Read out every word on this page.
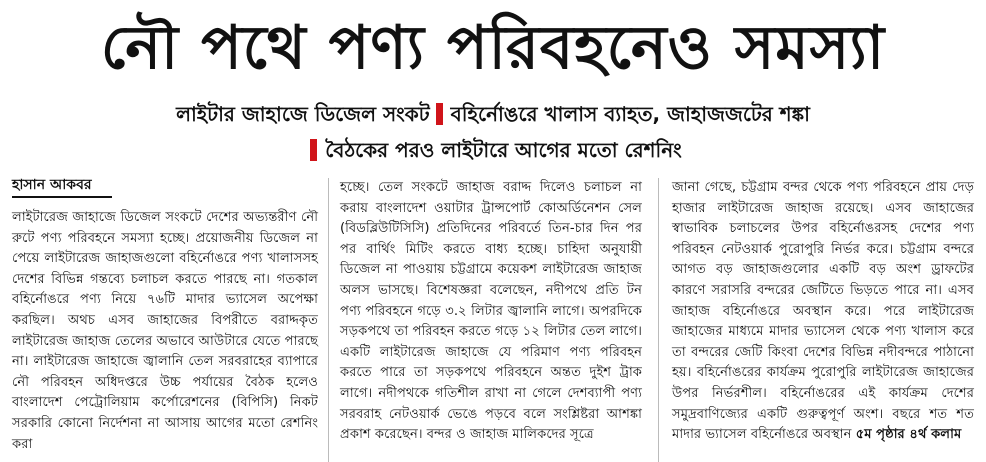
নৌ পথে পণ্য পরিবহনেও সমস্যা
লাইটার জাহাজে ডিজেল সংকট বহির্নোঙরে খালাস ব্যাহত, জাহাজজটের শঙ্কা
বৈঠকের পরও লাইটারে আগের মতো রেশনিং
হাসান আকবর
লাইটারেজ জাহাজে ডিজেল সংকটে দেশের অভ্যন্তরীণ নৌ রুটে পণ্য পরিবহনে সমস্যা হচ্ছে। প্রয়োজনীয় ডিজেল না পেয়ে লাইটারেজ জাহাজগুলো বহির্নোঙরে পণ্য খালাসসহ দেশের বিভিন্ন গন্তব্যে চলাচল করতে পারছে না। গতকাল বহির্নোঙরে পণ্য নিয়ে ৭৬টি মাদার ভ্যাসেল অপেক্ষা করছিল। অথচ এসব জাহাজের বিপরীতে বরাদ্দকৃত লাইটারেজ জাহাজ তেলের অভাবে আউটারে যেতে পারছে না। লাইটারেজ জাহাজে জ্বালানি তেল সরবরাহের ব্যাপারে নৌ পরিবহন অধিদপ্তরে উচ্চ পর্যায়ের বৈঠক হলেও বাংলাদেশ পেট্রোলিয়াম কর্পোরেশনের (বিপিসি) নিকট সরকারি কোনো নির্দেশনা না আসায় আগের মতো রেশনিং করা
হচ্ছে। তেল সংকটে জাহাজ বরাদ্দ দিলেও চলাচল না করায় বাংলাদেশ ওয়াটার ট্রান্সপোর্ট কোঅর্ডিনেশন সেল (বিডব্লিউটিসিসি) প্রতিদিনের পরিবর্তে তিন-চার দিন পর পর বার্থিং মিটিং করতে বাধ্য হচ্ছে। চাহিদা অনুযায়ী ডিজেল না পাওয়ায় চট্টগ্রামে কয়েকশ লাইটারেজ জাহাজ অলস ভাসছে। বিশেষজ্ঞরা বলেছেন, নদীপথে প্রতি টন পণ্য পরিবহনে গড়ে ৩.২ লিটার জ্বালানি লাগে। অপরদিকে সড়কপথে তা পরিবহন করতে গড়ে ১২ লিটার তেল লাগে। একটি লাইটারেজ জাহাজে যে পরিমাণ পণ্য পরিবহন করতে পারে তা সড়কপথে পরিবহনে অন্তত দুইশ ট্রাক লাগে। নদীপথকে গতিশীল রাখা না গেলে দেশব্যাপী পণ্য সরবরাহ নেটওয়ার্ক ভেঙে পড়বে বলে সংশ্লিষ্টরা আশঙ্কা প্রকাশ করেছেন। বন্দর ও জাহাজ মালিকদের সূত্রে
জানা গেছে, চট্টগ্রাম বন্দর থেকে পণ্য পরিবহনে প্রায় দেড় হাজার লাইটারেজ জাহাজ রয়েছে। এসব জাহাজের স্বাভাবিক চলাচলের উপর বহির্নোঙরসহ দেশের পণ্য পরিবহন নেটওয়ার্ক পুরোপুরি নির্ভর করে। চট্টগ্রাম বন্দরে আগত বড় জাহাজগুলোর একটি বড় অংশ ড্রাফটের কারণে সরাসরি বন্দরের জেটিতে ভিড়তে পারে না। এসব জাহাজ বহির্নোঙরে অবস্থান করে। পরে লাইটারেজ জাহাজের মাধ্যমে মাদার ভ্যাসেল থেকে পণ্য খালাস করে তা বন্দরের জেটি কিংবা দেশের বিভিন্ন নদীবন্দরে পাঠানো হয়। বহির্নোঙরের কার্যক্রম পুরোপুরি লাইটারেজ জাহাজের উপর নির্ভরশীল। বহির্নোঙরের এই কার্যক্রম দেশের সমুদ্রবাণিজ্যের একটি গুরুত্বপূর্ণ অংশ। বছরে শত শত মাদার ভ্যাসেল বহির্নোঙরে অবস্থান ৫ম পৃষ্ঠার ৪র্থ কলাম
